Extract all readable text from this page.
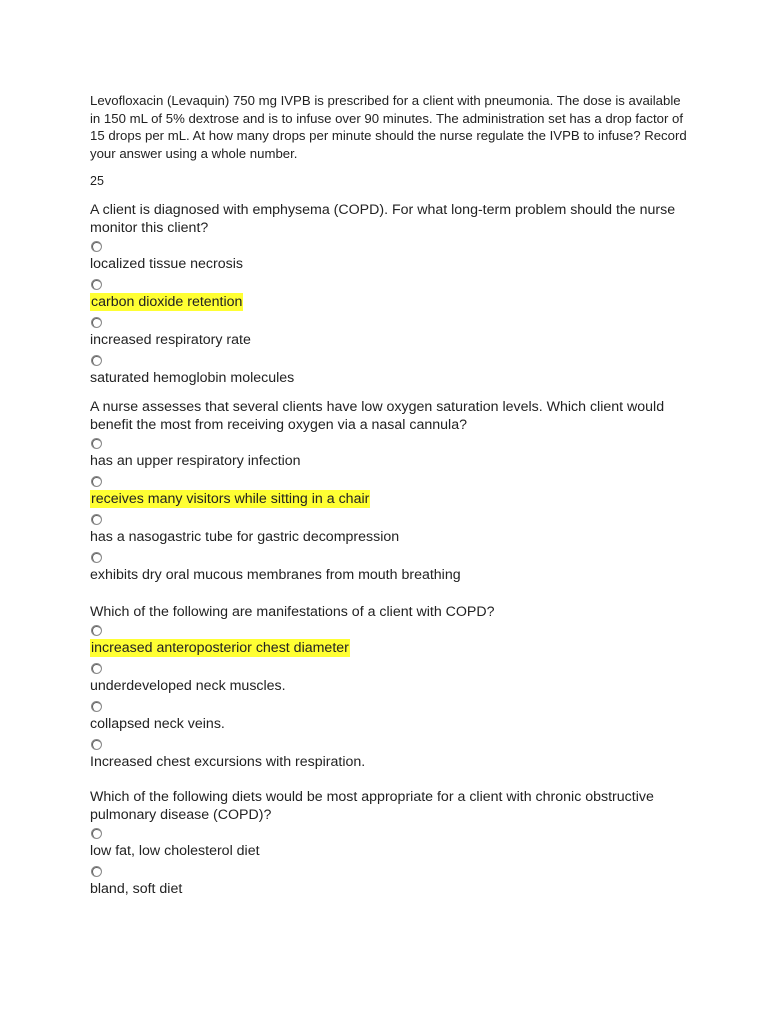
Levofloxacin (Levaquin) 750 mg IVPB is prescribed for a client with pneumonia. The dose is available in 150 mL of 5% dextrose and is to infuse over 90 minutes. The administration set has a drop factor of 15 drops per mL. At how many drops per minute should the nurse regulate the IVPB to infuse? Record your answer using a whole number.

25

A client is diagnosed with emphysema (COPD). For what long-term problem should the nurse monitor this client?

localized tissue necrosis
carbon dioxide retention
increased respiratory rate
saturated hemoglobin molecules

A nurse assesses that several clients have low oxygen saturation levels. Which client would benefit the most from receiving oxygen via a nasal cannula?

has an upper respiratory infection
receives many visitors while sitting in a chair
has a nasogastric tube for gastric decompression
exhibits dry oral mucous membranes from mouth breathing

Which of the following are manifestations of a client with COPD?

increased anteroposterior chest diameter
underdeveloped neck muscles.
collapsed neck veins.
Increased chest excursions with respiration.

Which of the following diets would be most appropriate for a client with chronic obstructive pulmonary disease (COPD)?

low fat, low cholesterol diet
bland, soft diet
